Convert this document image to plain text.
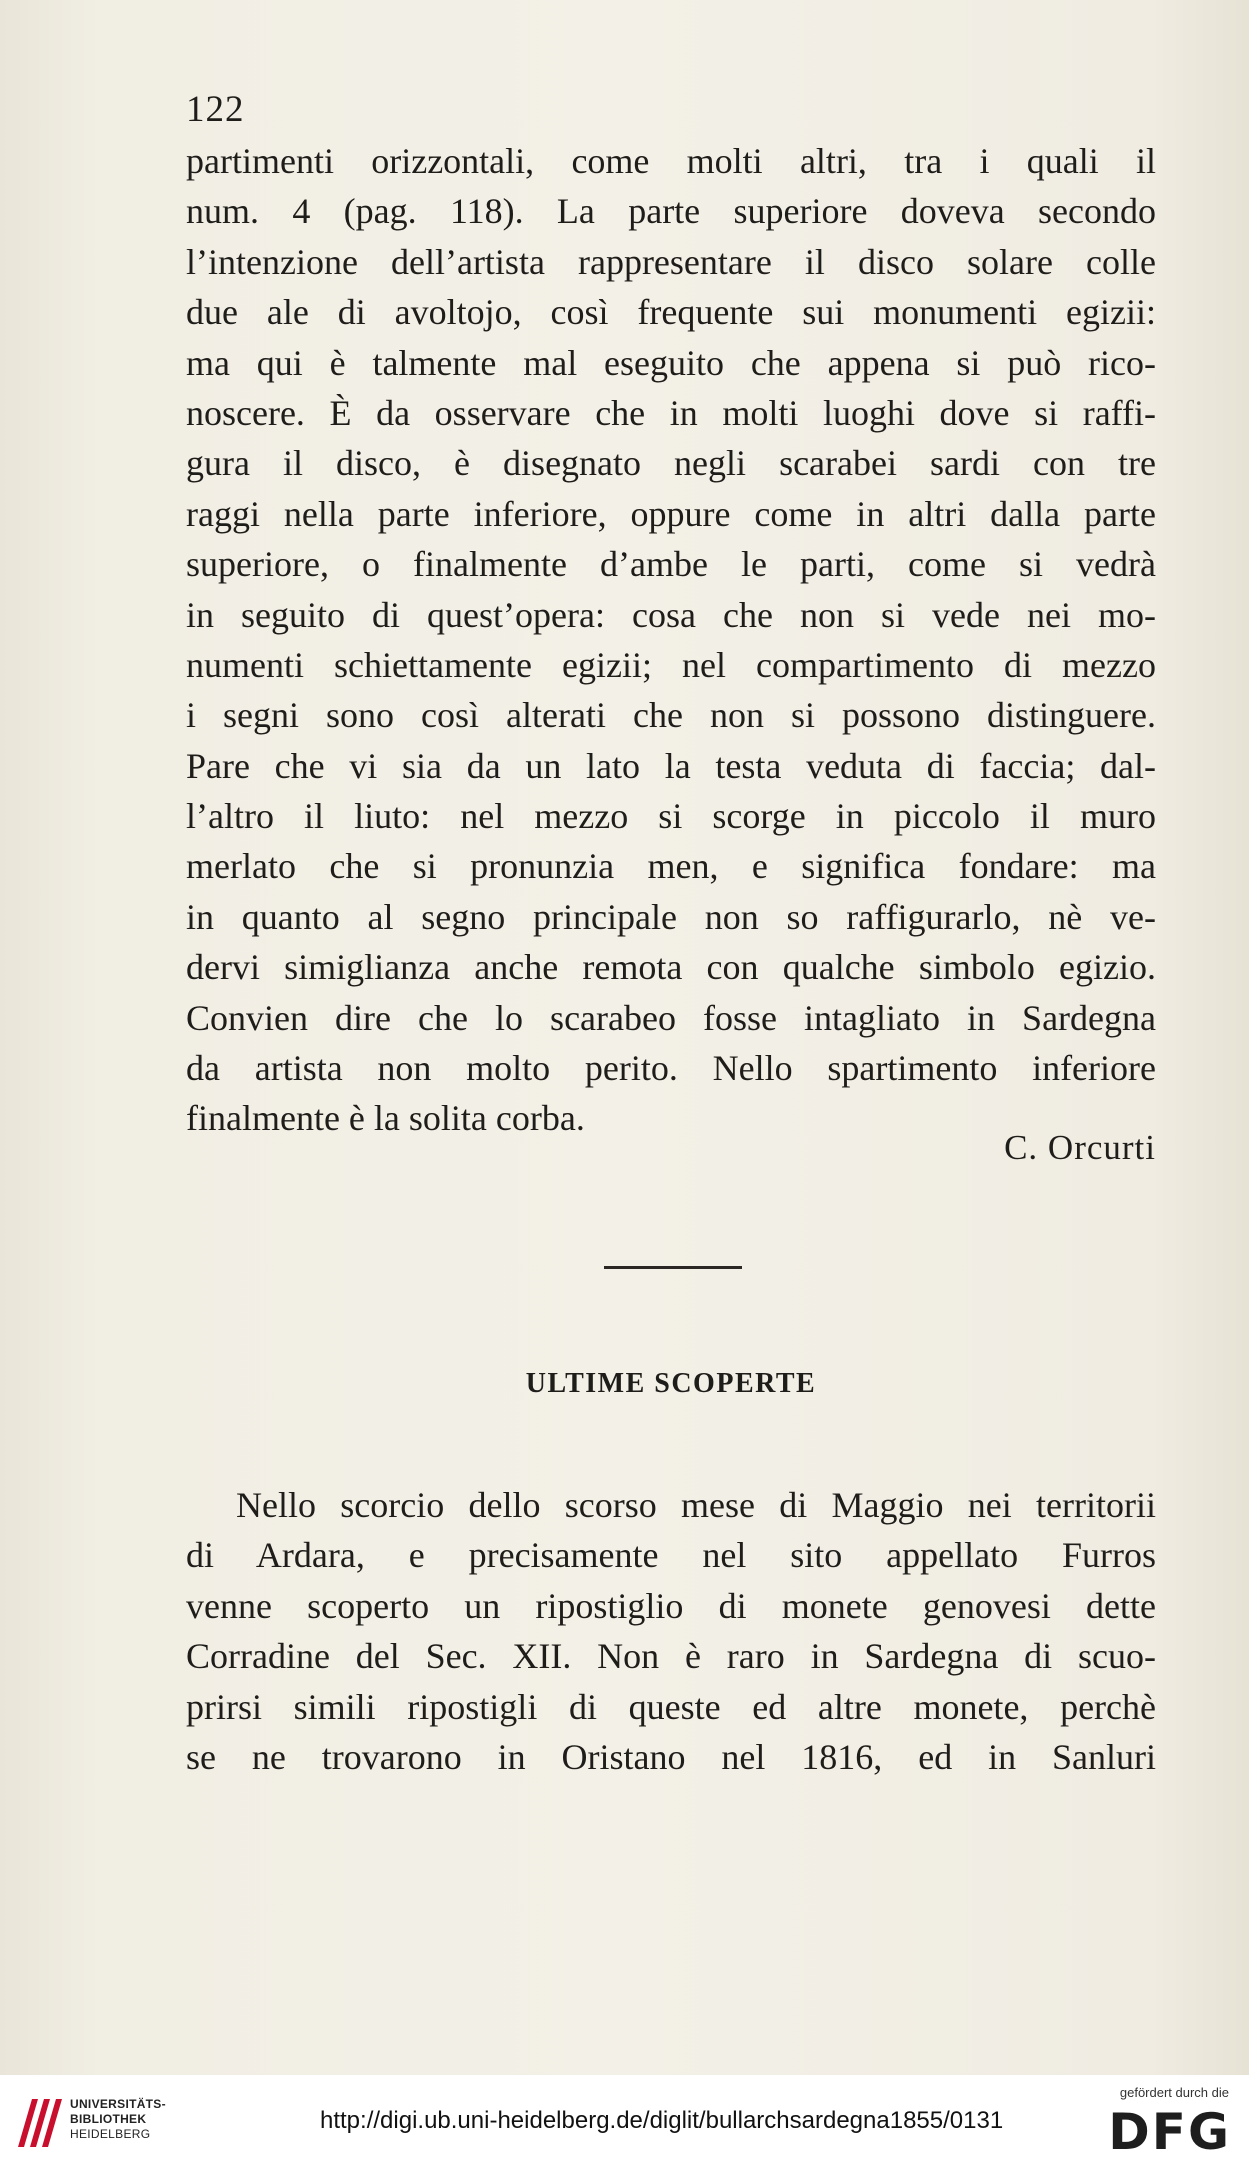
122
partimenti orizzontali, come molti altri, tra i quali il
num. 4 (pag. 118). La parte superiore doveva secondo
l’intenzione dell’artista rappresentare il disco solare colle
due ale di avoltojo, così frequente sui monumenti egizii:
ma qui è talmente mal eseguito che appena si può rico-
noscere. È da osservare che in molti luoghi dove si raffi-
gura il disco, è disegnato negli scarabei sardi con tre
raggi nella parte inferiore, oppure come in altri dalla parte
superiore, o finalmente d’ambe le parti, come si vedrà
in seguito di quest’opera: cosa che non si vede nei mo-
numenti schiettamente egizii; nel compartimento di mezzo
i segni sono così alterati che non si possono distinguere.
Pare che vi sia da un lato la testa veduta di faccia; dal-
l’altro il liuto: nel mezzo si scorge in piccolo il muro
merlato che si pronunzia men, e significa fondare: ma
in quanto al segno principale non so raffigurarlo, nè ve-
dervi simiglianza anche remota con qualche simbolo egizio.
Convien dire che lo scarabeo fosse intagliato in Sardegna
da artista non molto perito. Nello spartimento inferiore
finalmente è la solita corba.
C. Orcurti
ULTIME SCOPERTE
Nello scorcio dello scorso mese di Maggio nei territorii
di Ardara, e precisamente nel sito appellato Furros
venne scoperto un ripostiglio di monete genovesi dette
Corradine del Sec. XII. Non è raro in Sardegna di scuo-
prirsi simili ripostigli di queste ed altre monete, perchè
se ne trovarono in Oristano nel 1816, ed in Sanluri
UNIVERSITÄTS-
BIBLIOTHEK
HEIDELBERG	http://digi.ub.uni-heidelberg.de/diglit/bullarchsardegna1855/0131
gefördert durch die
DFG
